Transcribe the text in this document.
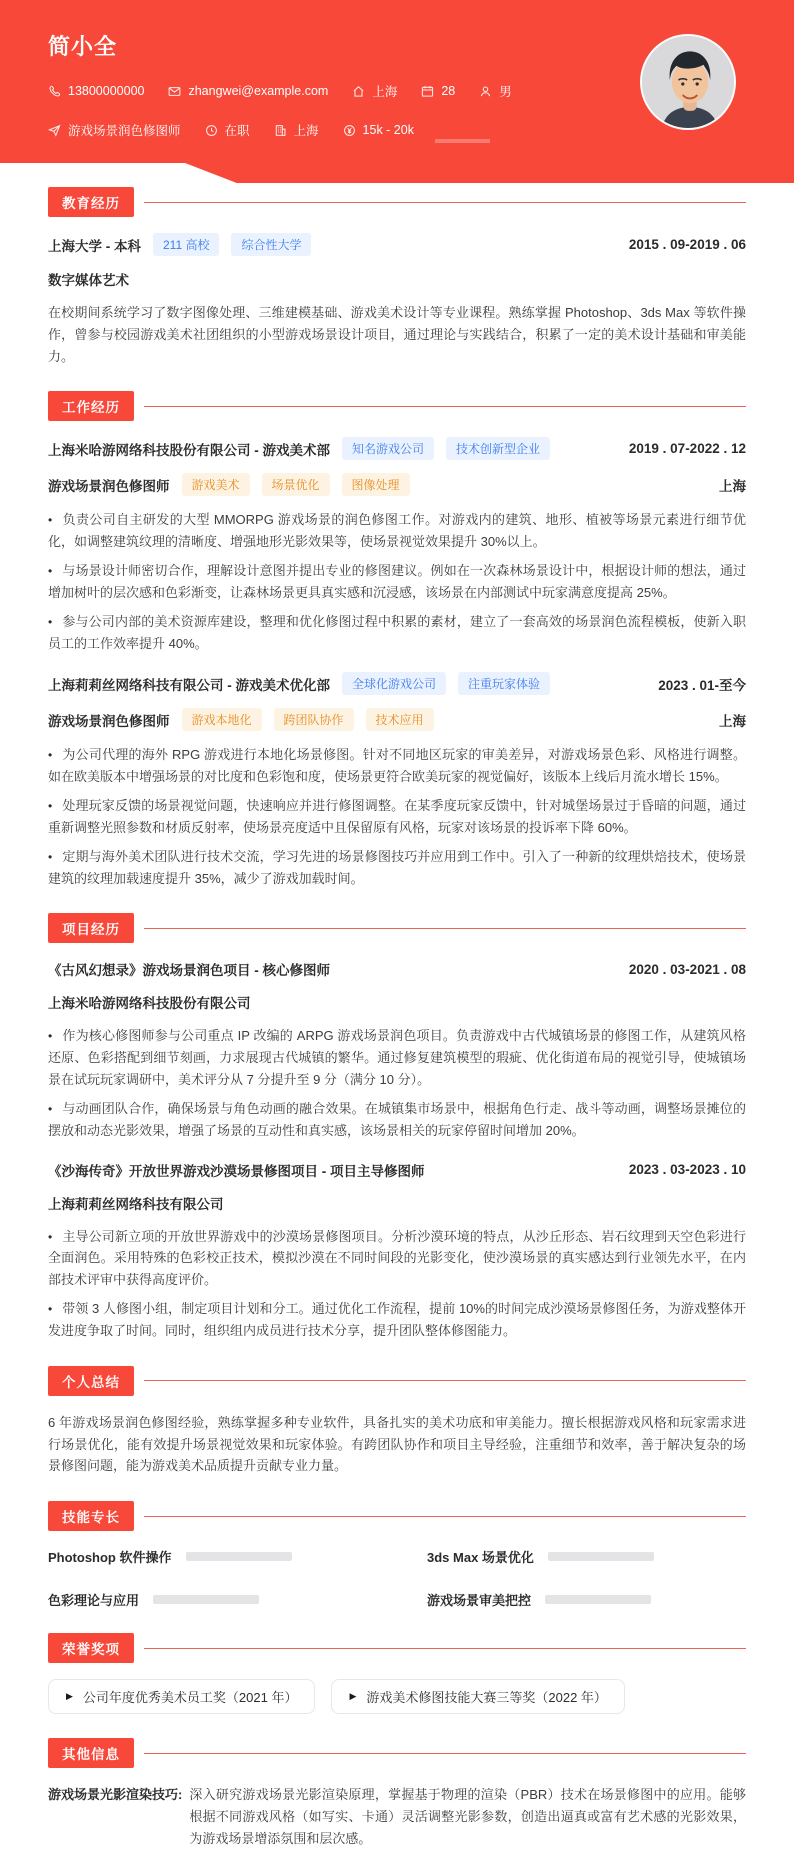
简小全
13800000000	zhangwei@example.com	上海	28	男
游戏场景润色修图师	在职	上海	15k - 20k
教育经历
上海大学 - 本科	211 高校	综合性大学	2015 . 09-2019 . 06
数字媒体艺术

在校期间系统学习了数字图像处理、三维建模基础、游戏美术设计等专业课程。熟练掌握 Photoshop、3ds Max 等软件操作，曾参与校园游戏美术社团组织的小型游戏场景设计项目，通过理论与实践结合，积累了一定的美术设计基础和审美能力。

工作经历
上海米哈游网络科技股份有限公司 - 游戏美术部	知名游戏公司	技术创新型企业	2019 . 07-2022 . 12
游戏场景润色修图师	游戏美术	场景优化	图像处理	上海
• 负责公司自主研发的大型 MMORPG 游戏场景的润色修图工作。对游戏内的建筑、地形、植被等场景元素进行细节优化，如调整建筑纹理的清晰度、增强地形光影效果等，使场景视觉效果提升 30%以上。
• 与场景设计师密切合作，理解设计意图并提出专业的修图建议。例如在一次森林场景设计中，根据设计师的想法，通过增加树叶的层次感和色彩渐变，让森林场景更具真实感和沉浸感，该场景在内部测试中玩家满意度提高 25%。
• 参与公司内部的美术资源库建设，整理和优化修图过程中积累的素材，建立了一套高效的场景润色流程模板，使新入职员工的工作效率提升 40%。
上海莉莉丝网络科技有限公司 - 游戏美术优化部	全球化游戏公司	注重玩家体验	2023 . 01-至今
游戏场景润色修图师	游戏本地化	跨团队协作	技术应用	上海
• 为公司代理的海外 RPG 游戏进行本地化场景修图。针对不同地区玩家的审美差异，对游戏场景色彩、风格进行调整。如在欧美版本中增强场景的对比度和色彩饱和度，使场景更符合欧美玩家的视觉偏好，该版本上线后月流水增长 15%。
• 处理玩家反馈的场景视觉问题，快速响应并进行修图调整。在某季度玩家反馈中，针对城堡场景过于昏暗的问题，通过重新调整光照参数和材质反射率，使场景亮度适中且保留原有风格，玩家对该场景的投诉率下降 60%。
• 定期与海外美术团队进行技术交流，学习先进的场景修图技巧并应用到工作中。引入了一种新的纹理烘焙技术，使场景建筑的纹理加载速度提升 35%，减少了游戏加载时间。
项目经历
《古风幻想录》游戏场景润色项目 - 核心修图师	2020 . 03-2021 . 08
上海米哈游网络科技股份有限公司
• 作为核心修图师参与公司重点 IP 改编的 ARPG 游戏场景润色项目。负责游戏中古代城镇场景的修图工作，从建筑风格还原、色彩搭配到细节刻画，力求展现古代城镇的繁华。通过修复建筑模型的瑕疵、优化街道布局的视觉引导，使城镇场景在试玩玩家调研中，美术评分从 7 分提升至 9 分（满分 10 分）。
• 与动画团队合作，确保场景与角色动画的融合效果。在城镇集市场景中，根据角色行走、战斗等动画，调整场景摊位的摆放和动态光影效果，增强了场景的互动性和真实感，该场景相关的玩家停留时间增加 20%。
《沙海传奇》开放世界游戏沙漠场景修图项目 - 项目主导修图师	2023 . 03-2023 . 10
上海莉莉丝网络科技有限公司
• 主导公司新立项的开放世界游戏中的沙漠场景修图项目。分析沙漠环境的特点，从沙丘形态、岩石纹理到天空色彩进行全面润色。采用特殊的色彩校正技术，模拟沙漠在不同时间段的光影变化，使沙漠场景的真实感达到行业领先水平，在内部技术评审中获得高度评价。
• 带领 3 人修图小组，制定项目计划和分工。通过优化工作流程，提前 10%的时间完成沙漠场景修图任务，为游戏整体开发进度争取了时间。同时，组织组内成员进行技术分享，提升团队整体修图能力。
个人总结

6 年游戏场景润色修图经验，熟练掌握多种专业软件，具备扎实的美术功底和审美能力。擅长根据游戏风格和玩家需求进行场景优化，能有效提升场景视觉效果和玩家体验。有跨团队协作和项目主导经验，注重细节和效率，善于解决复杂的场景修图问题，能为游戏美术品质提升贡献专业力量。

技能专长
Photoshop 软件操作	3ds Max 场景优化
色彩理论与应用	游戏场景审美把控
荣誉奖项
▶ 公司年度优秀美术员工奖（2021 年）	▶ 游戏美术修图技能大赛三等奖（2022 年）
其他信息
游戏场景光影渲染技巧: 深入研究游戏场景光影渲染原理，掌握基于物理的渲染（PBR）技术在场景修图中的应用。能够根据不同游戏风格（如写实、卡通）灵活调整光影参数，创造出逼真或富有艺术感的光影效果，为游戏场景增添氛围和层次感。
